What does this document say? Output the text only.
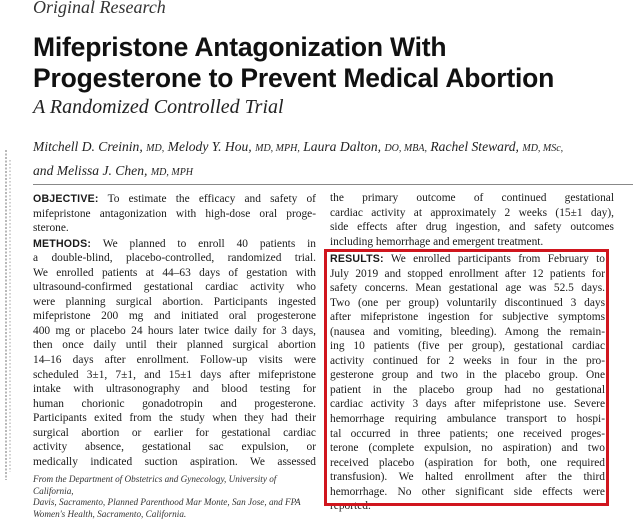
Original Research
Mifepristone Antagonization With
Progesterone to Prevent Medical Abortion
A Randomized Controlled Trial
Mitchell D. Creinin, MD, Melody Y. Hou, MD, MPH, Laura Dalton, DO, MBA, Rachel Steward, MD, MSc,
and Melissa J. Chen, MD, MPH
OBJECTIVE: To estimate the efficacy and safety of
mifepristone antagonization with high-dose oral proge-
sterone.
METHODS: We planned to enroll 40 patients in
a double-blind, placebo-controlled, randomized trial.
We enrolled patients at 44–63 days of gestation with
ultrasound-confirmed gestational cardiac activity who
were planning surgical abortion. Participants ingested
mifepristone 200 mg and initiated oral progesterone
400 mg or placebo 24 hours later twice daily for 3 days,
then once daily until their planned surgical abortion
14–16 days after enrollment. Follow-up visits were
scheduled 3±1, 7±1, and 15±1 days after mifepristone
intake with ultrasonography and blood testing for
human chorionic gonadotropin and progesterone.
Participants exited from the study when they had their
surgical abortion or earlier for gestational cardiac
activity absence, gestational sac expulsion, or
medically indicated suction aspiration. We assessed
From the Department of Obstetrics and Gynecology, University of California,
Davis, Sacramento, Planned Parenthood Mar Monte, San Jose, and FPA
Women's Health, Sacramento, California.
the primary outcome of continued gestational
cardiac activity at approximately 2 weeks (15±1 day),
side effects after drug ingestion, and safety outcomes
including hemorrhage and emergent treatment.
RESULTS: We enrolled participants from February to
July 2019 and stopped enrollment after 12 patients for
safety concerns. Mean gestational age was 52.5 days.
Two (one per group) voluntarily discontinued 3 days
after mifepristone ingestion for subjective symptoms
(nausea and vomiting, bleeding). Among the remain-
ing 10 patients (five per group), gestational cardiac
activity continued for 2 weeks in four in the pro-
gesterone group and two in the placebo group. One
patient in the placebo group had no gestational
cardiac activity 3 days after mifepristone use. Severe
hemorrhage requiring ambulance transport to hospi-
tal occurred in three patients; one received proges-
terone (complete expulsion, no aspiration) and two
received placebo (aspiration for both, one required
transfusion). We halted enrollment after the third
hemorrhage. No other significant side effects were
reported.
